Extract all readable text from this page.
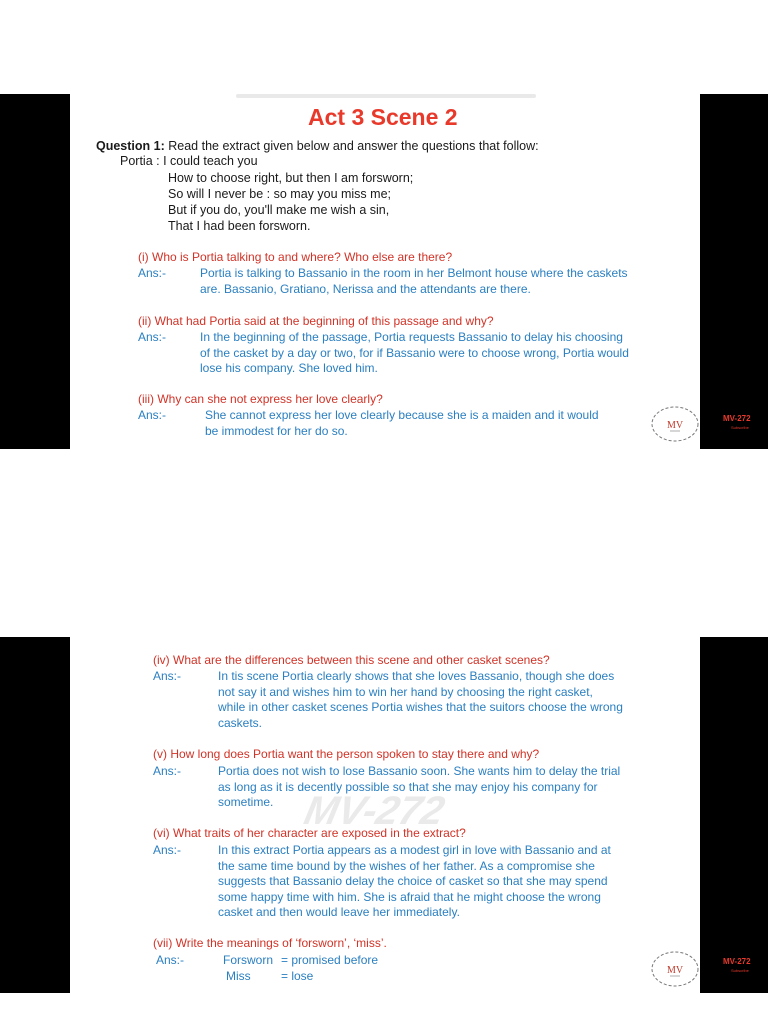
Act 3 Scene 2
Question 1: Read the extract given below and answer the questions that follow:
Portia : I could teach you
How to choose right, but then I am forsworn;
So will I never be : so may you miss me;
But if you do, you'll make me wish a sin,
That I had been forsworn.
(i) Who is Portia talking to and where? Who else are there?
Ans:-	Portia is talking to Bassanio in the room in her Belmont house where the caskets
are. Bassanio, Gratiano, Nerissa and the attendants are there.
(ii) What had Portia said at the beginning of this passage and why?
Ans:-	In the beginning of the passage, Portia requests Bassanio to delay his choosing
of the casket by a day or two, for if Bassanio were to choose wrong, Portia would
lose his company. She loved him.
(iii) Why can she not express her love clearly?
Ans:-	She cannot express her love clearly because she is a maiden and it would
be immodest for her do so.	MV
MV-272
Subscribe
MV-272
(iv) What are the differences between this scene and other casket scenes?
Ans:-	In tis scene Portia clearly shows that she loves Bassanio, though she does
not say it and wishes him to win her hand by choosing the right casket,
while in other casket scenes Portia wishes that the suitors choose the wrong
caskets.
(v) How long does Portia want the person spoken to stay there and why?
Ans:-	Portia does not wish to lose Bassanio soon. She wants him to delay the trial
as long as it is decently possible so that she may enjoy his company for
sometime.
(vi) What traits of her character are exposed in the extract?
Ans:-	In this extract Portia appears as a modest girl in love with Bassanio and at
the same time bound by the wishes of her father. As a compromise she
suggests that Bassanio delay the choice of casket so that she may spend
some happy time with him. She is afraid that he might choose the wrong
casket and then would leave her immediately.
(vii) Write the meanings of ‘forsworn’, ‘miss’.
Ans:-	Forsworn = promised before
Miss	= lose	MV
MV-272
Subscribe
